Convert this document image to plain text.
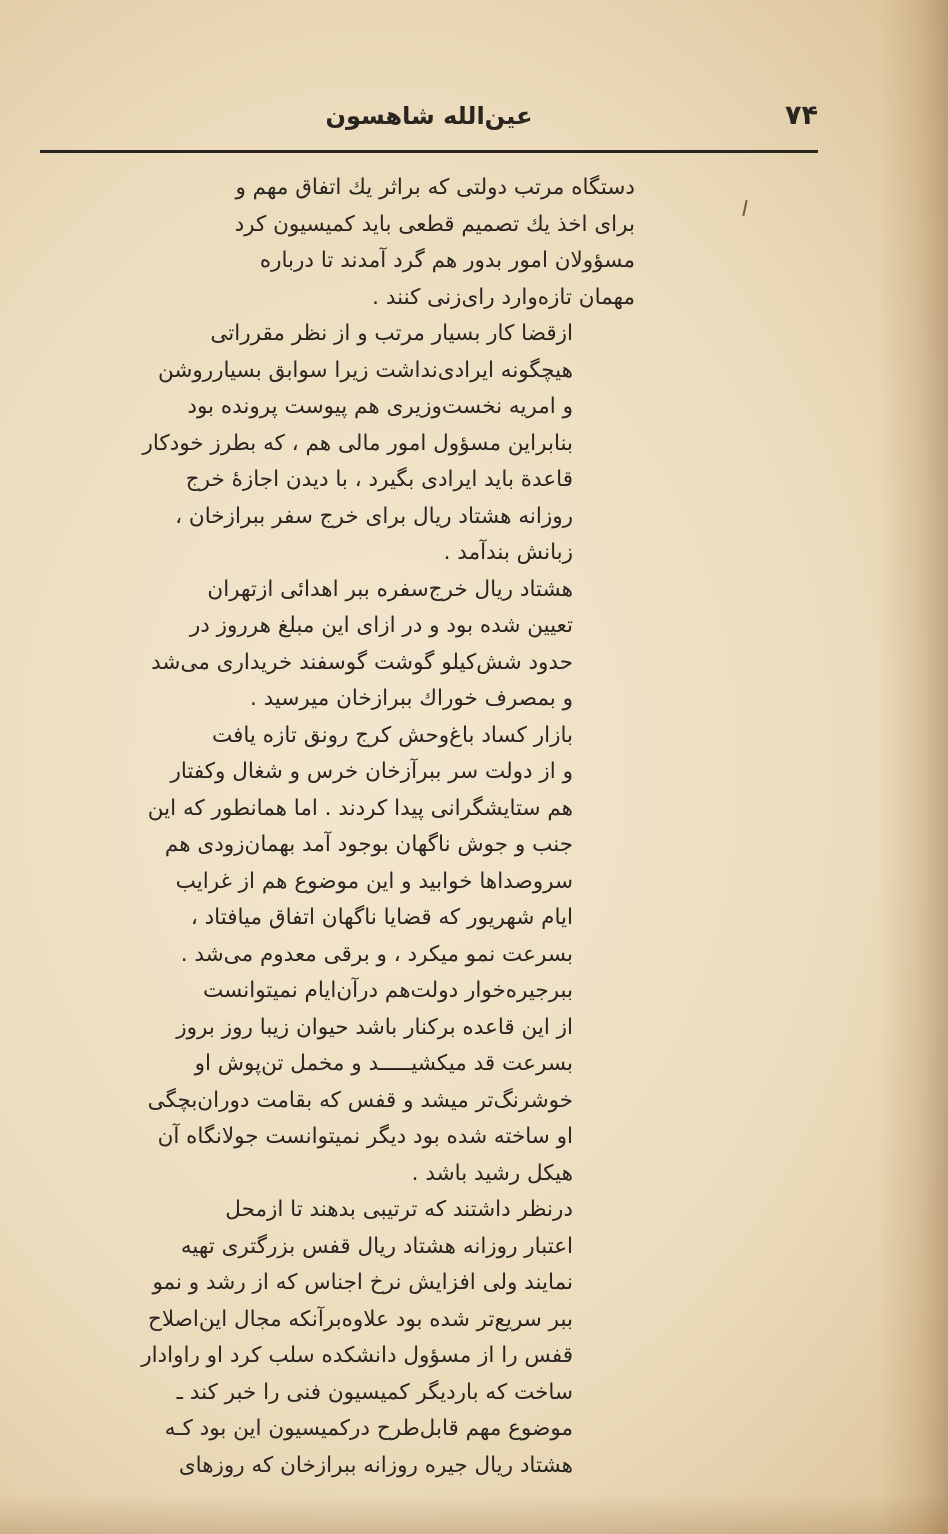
۷۴
عین‌الله شاهسون

دستگاه مرتب دولتی که براثر یك اتفاق مهم و
برای اخذ یك تصمیم قطعی باید کمیسیون کرد
مسؤولان امور بدور هم گرد آمدند تا درباره
مهمان تازه‌وارد رای‌زنی کنند .

ازقضا کار بسیار مرتب و از نظر مقرراتی
هیچگونه ایرادی‌نداشت زیرا سوابق بسیارروشن
و امریه نخست‌وزیری هم پیوست پرونده بود
بنابراین مسؤول امور مالی هم ، که بطرز خودکار
قاعدة باید ایرادی بگیرد ، با دیدن اجازهٔ خرج
روزانه هشتاد ریال برای خرج سفر ببرازخان ،
زبانش بندآمد .

هشتاد ریال خرج‌سفره ببر اهدائی ازتهران
تعیین شده بود و در ازای این مبلغ هرروز در
حدود شش‌کیلو گوشت گوسفند خریداری می‌شد
و بمصرف خوراك ببرازخان میرسید .

بازار کساد باغ‌وحش کرج رونق تازه یافت
و از دولت سر ببرآزخان خرس و شغال وکفتار
هم ستایشگرانی پیدا کردند . اما همانطور که این
جنب و جوش ناگهان بوجود آمد بهمان‌زودی هم
سروصداها خوابید و این موضوع هم از غرایب
ایام شهریور که قضایا ناگهان اتفاق میافتاد ،
بسرعت نمو میکرد ، و برقی معدوم می‌شد .

ببرجیره‌خوار دولت‌هم درآن‌ایام نمیتوانست
از این قاعده برکنار باشد حیوان زیبا روز بروز
بسرعت قد میکشیـــــد و مخمل تن‌پوش او
خوشرنگ‌تر میشد و قفس که بقامت دوران‌بچگی
او ساخته شده بود دیگر نمیتوانست جولانگاه آن
هیکل رشید باشد .

درنظر داشتند که ترتیبی بدهند تا ازمحل
اعتبار روزانه هشتاد ریال قفس بزرگتری تهیه
نمایند ولی افزایش نرخ اجناس که از رشد و نمو
ببر سریع‌تر شده بود علاوه‌برآنکه مجال این‌اصلاح
قفس را از مسؤول دانشکده سلب کرد او راوادار
ساخت که باردیگر کمیسیون فنی را خبر کند ـ
موضوع مهم قابل‌طرح درکمیسیون این بود کـه
هشتاد ریال جیره روزانه ببرازخان که روزهای
